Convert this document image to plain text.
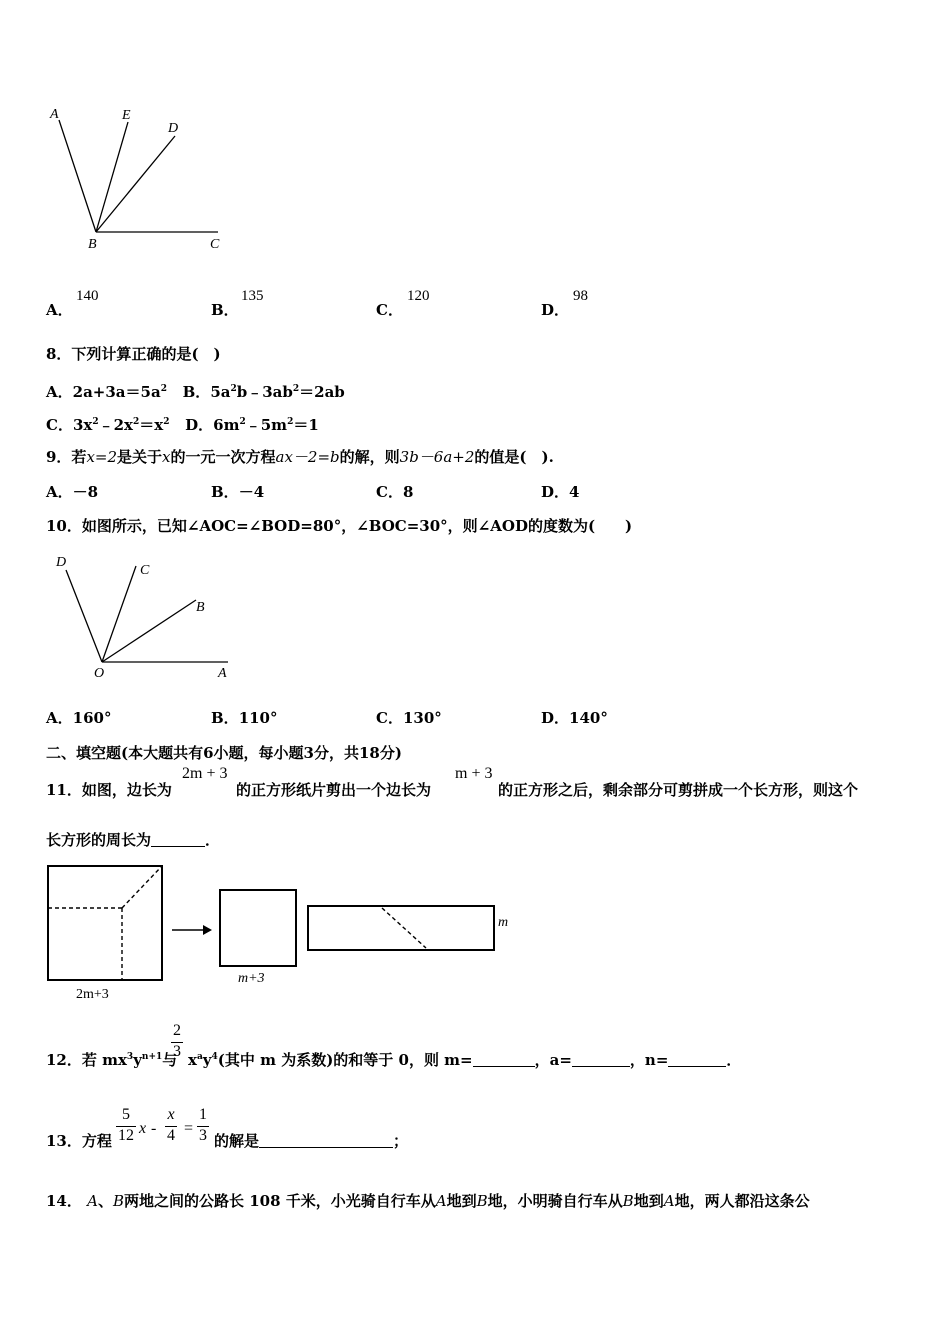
A	E
D
B	C
A．
140
B．
135
C．
120
D．
98
8．下列计算正确的是(　)
A．$2a+3a=5a^2$ B．$5a^2b﹣3ab^2=2ab$
C．$3x^2﹣2x^2=x^2$ D．$6m^2﹣5m^2=1$
9．若x=2是关于x的一元一次方程ax－2=b的解，则3b－6a+2的值是(　).
A．－8	B．－4	C．8	D．4
10．如图所示，已知∠AOC=∠BOD=80°，∠BOC=30°，则∠AOD的度数为(　　)
D
C
B
O	A
A．160°	B．110°	C．130°	D．140°
二、填空题(本大题共有6小题，每小题3分，共18分)
11．如图，边长为
2m + 3
的正方形纸片剪出一个边长为
m + 3
的正方形之后，剩余部分可剪拼成一个长方形，则这个
长方形的周长为	．
2m+3
m+3
m
12．若 $mx^3y^{n+1}$与
2
3 $x^ay^4$(其中 m 为系数)的和等于 0，则 m=	，a=	，n=	．
13．方程
5
12 x -
x
4 =
1
3 的解是	；
14． A、B两地之间的公路长 108 千米，小光骑自行车从A地到B地，小明骑自行车从B地到A地，两人都沿这条公
